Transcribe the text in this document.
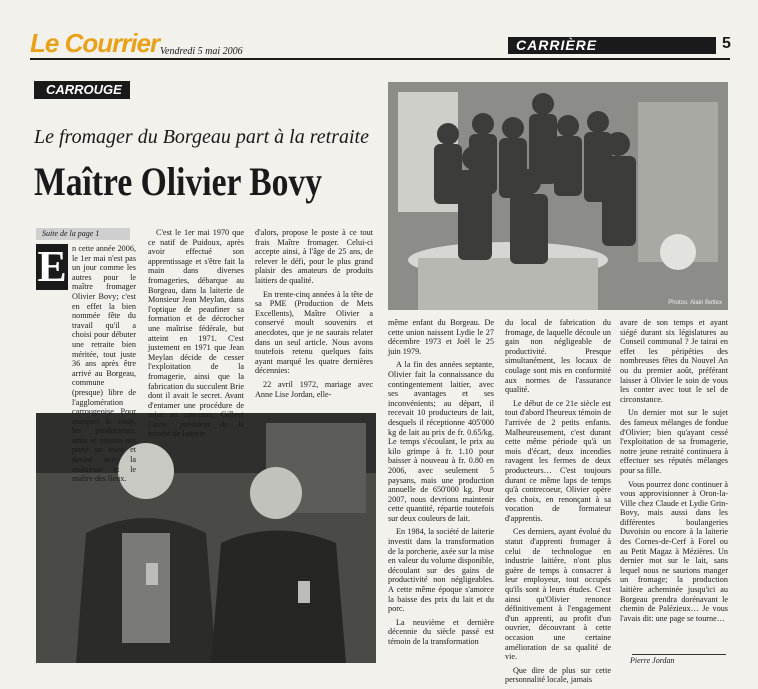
Le Courrier Vendredi 5 mai 2006	CARRIÈRE	5
CARROUGE
Le fromager du Borgeau part à la retraite
Maître Olivier Bovy
Photos: Alain Bettex
Suite de la page 1
E n cette année 2006, le 1er mai n'est pas un jour comme les autres pour le maître fromager Olivier Bovy; c'est en effet la bien nommée fête du travail qu'il a choisi pour débuter une retraite bien méritée, tout juste 36 ans après être arrivé au Borgeau, commune (presque) libre de l'agglomération carrougeoise. Pour marquer le coup, les producteurs, amis et voisins ont porté un toast et devisé avec la maîtresse et le maître des lieux.

C'est le 1er mai 1970 que ce natif de Puidoux, après avoir effectué son apprentissage et s'être fait la main dans diverses fromageries, débarque au Borgeau, dans la laiterie de Monsieur Jean Meylan, dans l'optique de peaufiner sa formation et de décrocher une maîtrise fédérale, but atteint en 1971. C'est justement en 1971 que Jean Meylan décide de cesser l'exploitation de la fromagerie, ainsi que la fabrication du succulent Brie dont il avait le secret. Avant d'entamer une procédure de mise au concours, Gilbert Cavin, président de la société de laiterie

d'alors, propose le poste à ce tout frais Maître fromager. Celui-ci accepte ainsi, à l'âge de 25 ans, de relever le défi, pour le plus grand plaisir des amateurs de produits laitiers de qualité.

En trente-cinq années à la tête de sa PME (Production de Mets Excellents), Maître Olivier a conservé moult souvenirs et anecdotes, que je ne saurais relater dans un seul article. Nous avons toutefois retenu quelques faits ayant marqué les quatre dernières décennies:

22 avril 1972, mariage avec Anne Lise Jordan, elle-

même enfant du Borgeau. De cette union naissent Lydie le 27 décembre 1973 et Joël le 25 juin 1979.

A la fin des années septante, Olivier fait la connaissance du contingentement laitier, avec ses avantages et ses inconvénients; au départ, il recevait 10 producteurs de lait, desquels il réceptionne 405'000 kg de lait au prix de fr. 0.65/kg. Le temps s'écoulant, le prix au kilo grimpe à fr. 1.10 pour baisser à nouveau à fr. 0.80 en 2006, avec seulement 5 paysans, mais une production annuelle de 650'000 kg. Pour 2007, nous devrions maintenir cette quantité, répartie toutefois sur deux couleurs de lait.

En 1984, la société de laiterie investit dans la transformation de la porcherie, axée sur la mise en valeur du volume disponible, découlant sur des gains de productivité non négligeables. A cette même époque s'amorce la baisse des prix du lait et du porc.

La neuvième et dernière décennie du siècle passé est témoin de la transformation

du local de fabrication du fromage, de laquelle découle un gain non négligeable de productivité. Presque simultanément, les locaux de coulage sont mis en conformité aux normes de l'assurance qualité.

Le début de ce 21e siècle est tout d'abord l'heureux témoin de l'arrivée de 2 petits enfants. Malheureusement, c'est durant cette même période qu'à un mois d'écart, deux incendies ravagent les fermes de deux producteurs… C'est toujours durant ce même laps de temps qu'à contrecoeur, Olivier opère des choix, en renonçant à sa vocation de formateur d'apprentis.

Ces derniers, ayant évolué du statut d'apprenti fromager à celui de technologue en industrie laitière, n'ont plus guère de temps à consacrer à leur employeur, tout occupés qu'ils sont à leurs études. C'est ainsi qu'Olivier renonce définitivement à l'engagement d'un apprenti, au profit d'un ouvrier, découvrant à cette occasion une certaine amélioration de sa qualité de vie.

Que dire de plus sur cette personnalité locale, jamais

avare de son temps et ayant siégé durant six législatures au Conseil communal ? Je tairai en effet les péripéties des nombreuses fêtes du Nouvel An ou du premier août, préférant laisser à Olivier le soin de vous les conter avec tout le sel de circonstance.

Un dernier mot sur le sujet des fameux mélanges de fondue d'Olivier; bien qu'ayant cessé l'exploitation de sa fromagerie, notre jeune retraité continuera à effectuer ses réputés mélanges pour sa fille.

Vous pourrez donc continuer à vous approvisionner à Oron-la-Ville chez Claude et Lydie Grin-Bovy, mais aussi dans les différentes boulangeries Duvoisin ou encore à la laiterie des Cornes-de-Cerf à Forel ou au Petit Magaz à Mézières. Un dernier mot sur le lait, sans lequel nous ne saurions manger un fromage; la production laitière acheminée jusqu'ici au Borgeau prendra dorénavant le chemin de Palézieux… Je vous l'avais dit: une page se tourne…

Pierre Jordan
